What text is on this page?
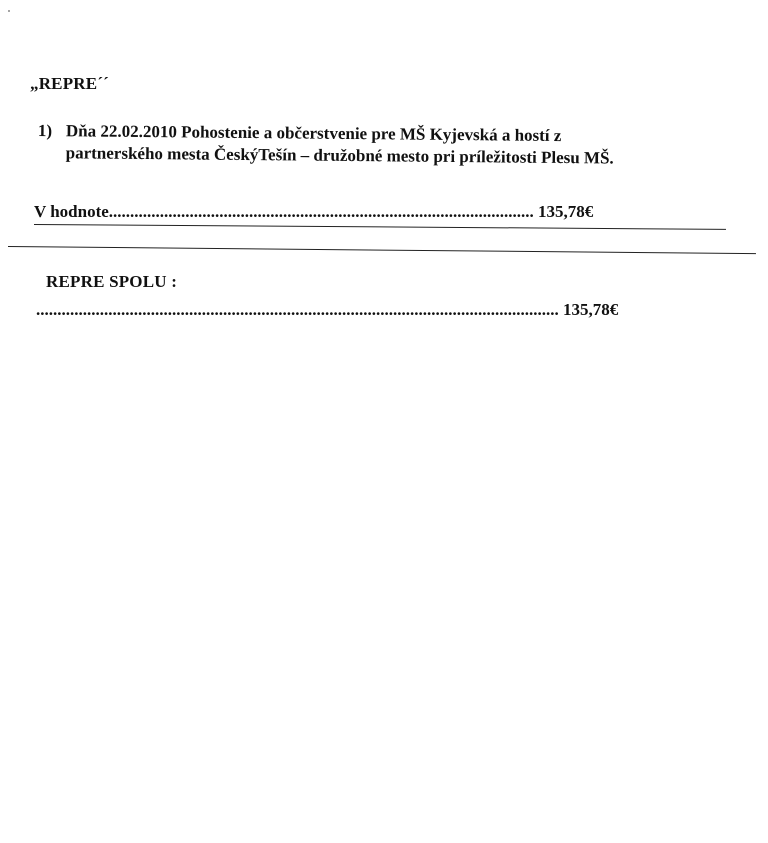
„REPRE´´
1) Dňa 22.02.2010 Pohostenie a občerstvenie pre MŠ Kyjevská a hostí z
partnerského mesta ČeskýTešín – družobné mesto pri príležitosti Plesu MŠ.
V hodnote.................................................................................................... 135,78€
REPRE SPOLU :
........................................................................................................................... 135,78€
